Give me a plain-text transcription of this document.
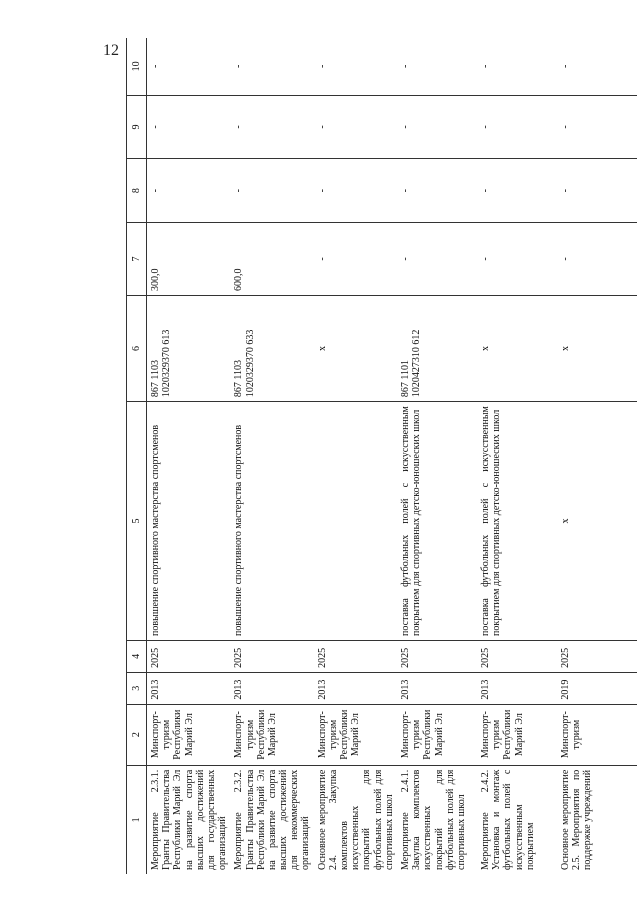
12
1	2	3	4	5	6	7	8	9	10
Мероприятие 2.3.1. Гранты Правительства Республики Марий Эл на развитие спорта высших достижений для государственных организаций	Минспорт-туризм Республики Марий Эл	2013	2025	повышение спортивного мастерства спортсменов	867 1103
1020329370 613	300,0	-	-	-
Мероприятие 2.3.2. Гранты Правительства Республики Марий Эл на развитие спорта высших достижений для некоммерческих организаций	Минспорт-туризм Республики Марий Эл	2013	2025	повышение спортивного мастерства спортсменов	867 1103
1020329370 633	600,0	-	-	-
Основное мероприятие 2.4. Закупка комплектов искусственных покрытий для футбольных полей для спортивных школ	Минспорт-туризм Республики Марий Эл	2013	2025		х	-	-	-	-
Мероприятие 2.4.1. Закупка комплектов искусственных покрытий для футбольных полей для спортивных школ	Минспорт-туризм Республики Марий Эл	2013	2025	поставка футбольных полей с искусственным покрытием для спортивных детско-юношеских школ	867 1101
1020427310 612	-	-	-	-
Мероприятие 2.4.2. Установка и монтаж футбольных полей с искусственным покрытием	Минспорт-туризм Республики Марий Эл	2013	2025	поставка футбольных полей с искусственным покрытием для спортивных детско-юношеских школ	х	-	-	-	-
Основное мероприятие 2.5. Мероприятия по поддержке учреждений	Минспорт-туризм	2019	2025	х	х	-	-	-	-
